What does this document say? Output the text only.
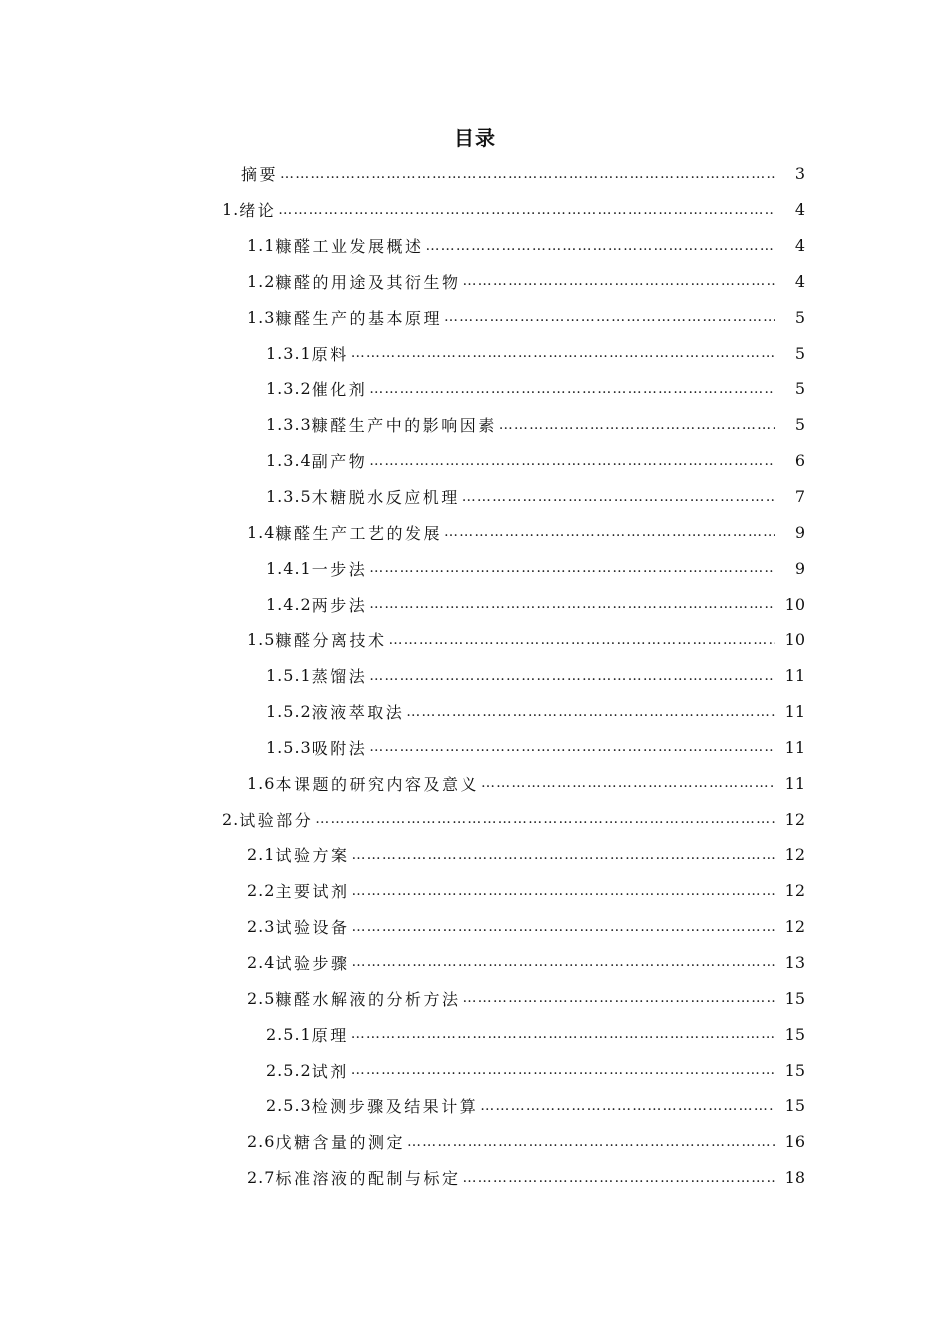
目录
摘要 …………………………………………………………………………………………………………………………………………………………………………………………	3
1. 绪论 …………………………………………………………………………………………………………………………………………………………………………………………	4
1.1 糠醛工业发展概述 …………………………………………………………………………………………………………………………………………………………………………………………	4
1.2 糠醛的用途及其衍生物 …………………………………………………………………………………………………………………………………………………………………………………………	4
1.3 糠醛生产的基本原理 …………………………………………………………………………………………………………………………………………………………………………………………	5
1.3.1 原料 …………………………………………………………………………………………………………………………………………………………………………………………	5
1.3.2 催化剂 …………………………………………………………………………………………………………………………………………………………………………………………	5
1.3.3 糠醛生产中的影响因素 …………………………………………………………………………………………………………………………………………………………………………………………	5
1.3.4 副产物 …………………………………………………………………………………………………………………………………………………………………………………………	6
1.3.5 木糖脱水反应机理 …………………………………………………………………………………………………………………………………………………………………………………………	7
1.4 糠醛生产工艺的发展 …………………………………………………………………………………………………………………………………………………………………………………………	9
1.4.1 一步法 …………………………………………………………………………………………………………………………………………………………………………………………	9
1.4.2 两步法 …………………………………………………………………………………………………………………………………………………………………………………………	10
1.5 糠醛分离技术 …………………………………………………………………………………………………………………………………………………………………………………………	10
1.5.1 蒸馏法 …………………………………………………………………………………………………………………………………………………………………………………………	11
1.5.2 液液萃取法 …………………………………………………………………………………………………………………………………………………………………………………………	11
1.5.3 吸附法 …………………………………………………………………………………………………………………………………………………………………………………………	11
1.6 本课题的研究内容及意义 …………………………………………………………………………………………………………………………………………………………………………………………	11
2. 试验部分 …………………………………………………………………………………………………………………………………………………………………………………………	12
2.1 试验方案 …………………………………………………………………………………………………………………………………………………………………………………………	12
2.2 主要试剂 …………………………………………………………………………………………………………………………………………………………………………………………	12
2.3 试验设备 …………………………………………………………………………………………………………………………………………………………………………………………	12
2.4 试验步骤 …………………………………………………………………………………………………………………………………………………………………………………………	13
2.5 糠醛水解液的分析方法 …………………………………………………………………………………………………………………………………………………………………………………………	15
2.5.1 原理 …………………………………………………………………………………………………………………………………………………………………………………………	15
2.5.2 试剂 …………………………………………………………………………………………………………………………………………………………………………………………	15
2.5.3 检测步骤及结果计算 …………………………………………………………………………………………………………………………………………………………………………………………	15
2.6 戊糖含量的测定 …………………………………………………………………………………………………………………………………………………………………………………………	16
2.7 标准溶液的配制与标定 …………………………………………………………………………………………………………………………………………………………………………………………	18
